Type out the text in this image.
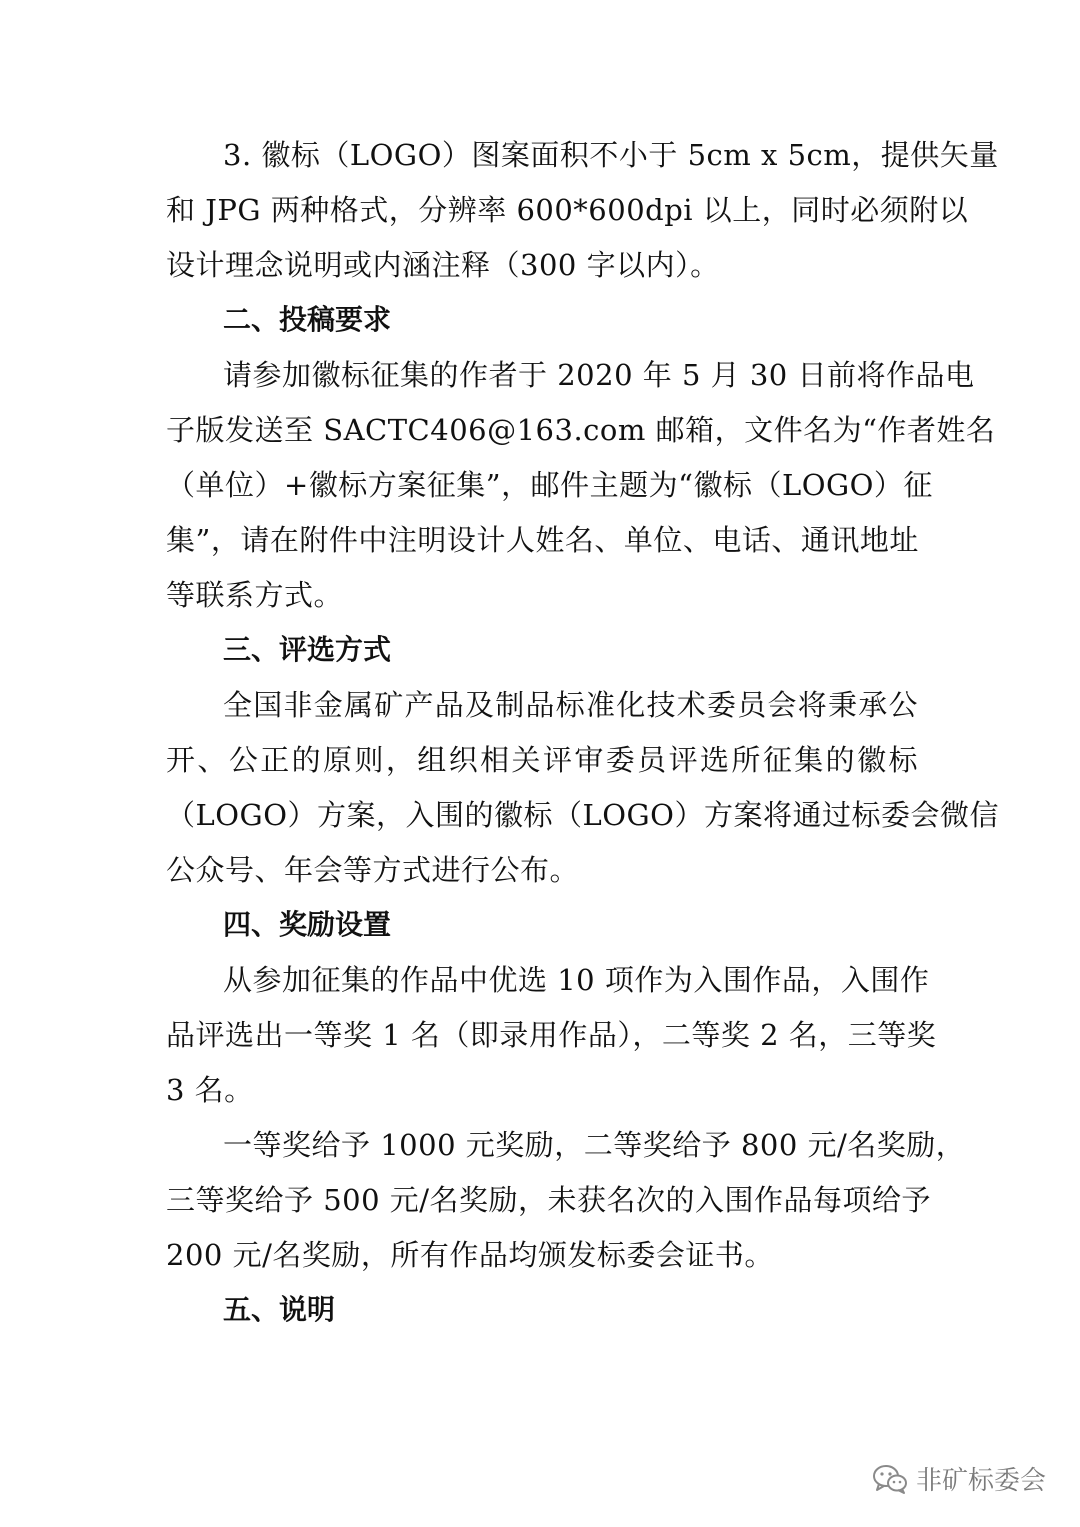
3. 徽标（LOGO）图案面积不小于 5cm x 5cm，提供矢量
和 JPG 两种格式，分辨率 600*600dpi 以上，同时必须附以
设计理念说明或内涵注释（300 字以内）。
二、投稿要求
请参加徽标征集的作者于 2020 年 5 月 30 日前将作品电
子版发送至 SACTC406@163.com 邮箱，文件名为“作者姓名
（单位）+徽标方案征集”，邮件主题为“徽标（LOGO）征
集”，请在附件中注明设计人姓名、单位、电话、通讯地址
等联系方式。
三、评选方式
全国非金属矿产品及制品标准化技术委员会将秉承公
开、公正的原则，组织相关评审委员评选所征集的徽标
（LOGO）方案，入围的徽标（LOGO）方案将通过标委会微信
公众号、年会等方式进行公布。
四、奖励设置
从参加征集的作品中优选 10 项作为入围作品，入围作
品评选出一等奖 1 名（即录用作品），二等奖 2 名，三等奖
3 名。
一等奖给予 1000 元奖励，二等奖给予 800 元/名奖励，
三等奖给予 500 元/名奖励，未获名次的入围作品每项给予
200 元/名奖励，所有作品均颁发标委会证书。
五、说明
非矿标委会
